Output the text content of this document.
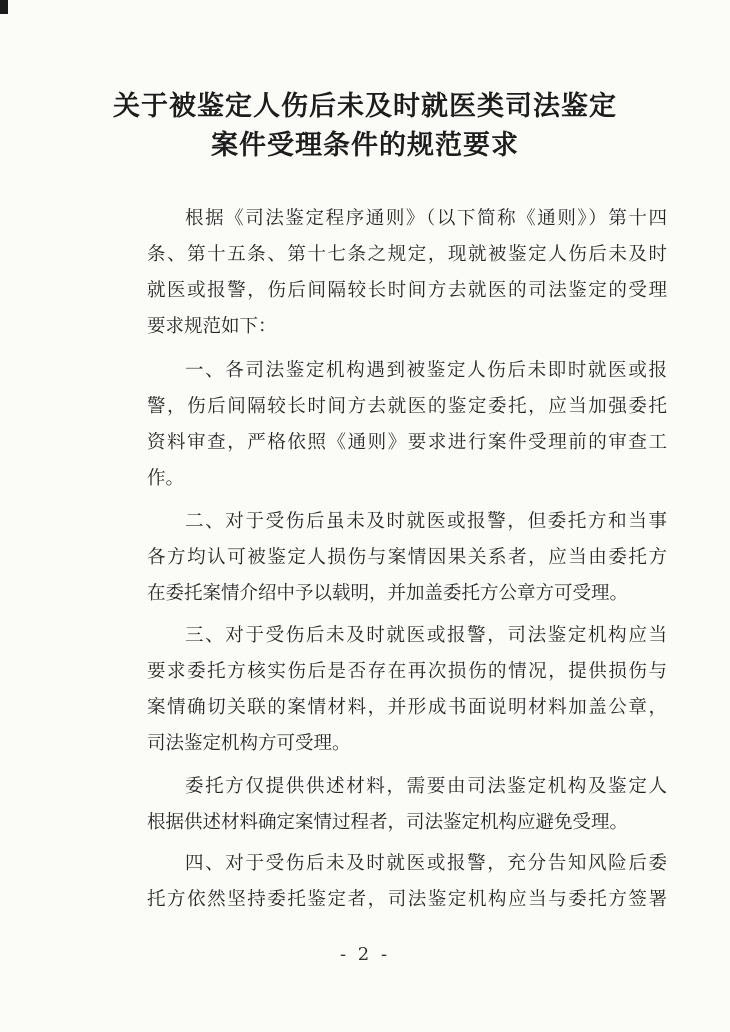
关于被鉴定人伤后未及时就医类司法鉴定
案件受理条件的规范要求
根据《司法鉴定程序通则》（以下简称《通则》）第十四
条、第十五条、第十七条之规定，现就被鉴定人伤后未及时
就医或报警，伤后间隔较长时间方去就医的司法鉴定的受理
要求规范如下：
一、各司法鉴定机构遇到被鉴定人伤后未即时就医或报
警，伤后间隔较长时间方去就医的鉴定委托，应当加强委托
资料审查，严格依照《通则》要求进行案件受理前的审查工
作。
二、对于受伤后虽未及时就医或报警，但委托方和当事
各方均认可被鉴定人损伤与案情因果关系者，应当由委托方
在委托案情介绍中予以载明，并加盖委托方公章方可受理。
三、对于受伤后未及时就医或报警，司法鉴定机构应当
要求委托方核实伤后是否存在再次损伤的情况，提供损伤与
案情确切关联的案情材料，并形成书面说明材料加盖公章，
司法鉴定机构方可受理。
委托方仅提供供述材料，需要由司法鉴定机构及鉴定人
根据供述材料确定案情过程者，司法鉴定机构应避免受理。
四、对于受伤后未及时就医或报警，充分告知风险后委
托方依然坚持委托鉴定者，司法鉴定机构应当与委托方签署
- 2 -
